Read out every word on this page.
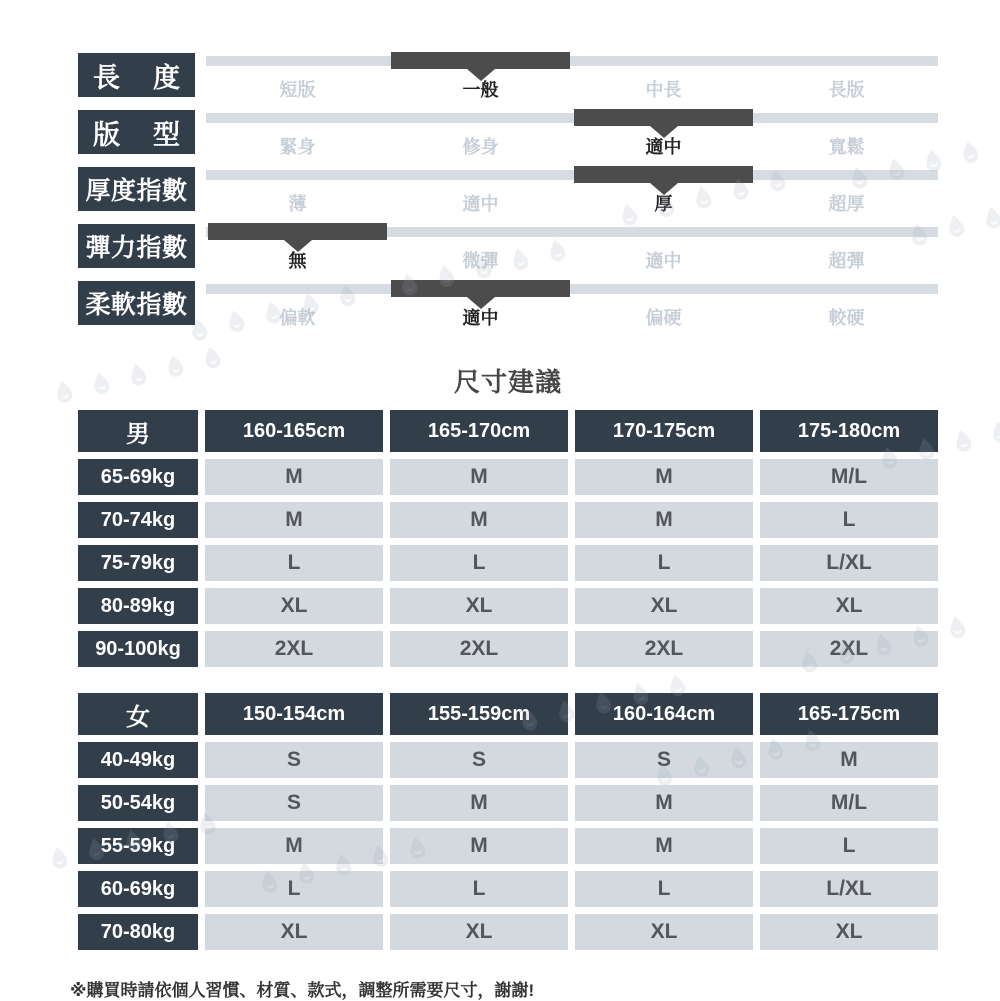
長 度	短版	一般	中長	長版
版 型	緊身	修身	適中	寬鬆
厚度指數	薄	適中	厚	超厚
彈力指數	無	微彈	適中	超彈
柔軟指數	偏軟	適中	偏硬	較硬
尺寸建議
男	160-165cm	165-170cm	170-175cm	175-180cm
65-69kg	M	M	M	M/L
70-74kg	M	M	M	L
75-79kg	L	L	L	L/XL
80-89kg	XL	XL	XL	XL
90-100kg	2XL	2XL	2XL	2XL
女	150-154cm	155-159cm	160-164cm	165-175cm
40-49kg	S	S	S	M
50-54kg	S	M	M	M/L
55-59kg	M	M	M	L
60-69kg	L	L	L	L/XL
70-80kg	XL	XL	XL	XL

※購買時請依個人習慣、材質、款式，調整所需要尺寸，謝謝!
